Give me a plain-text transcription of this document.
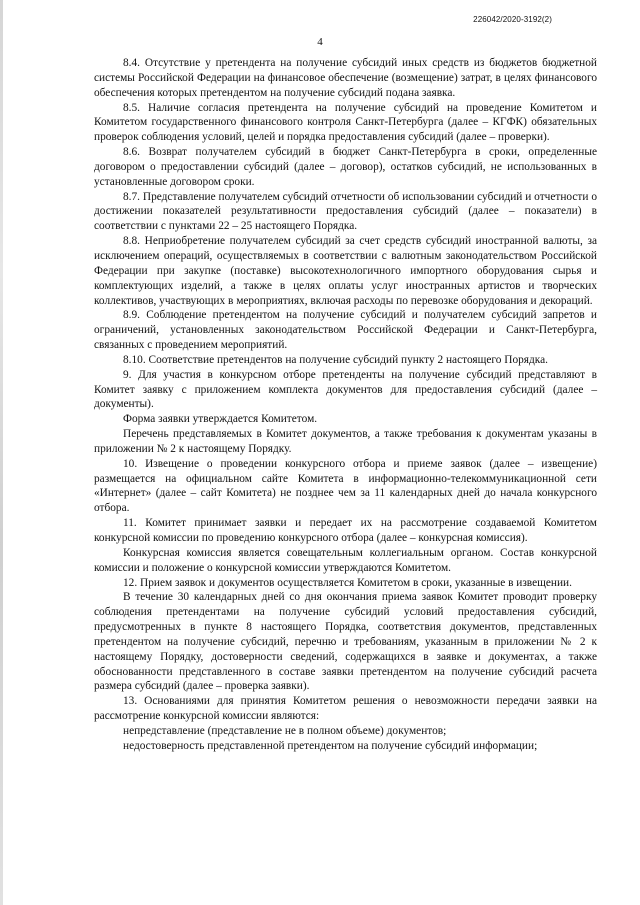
226042/2020-3192(2)
4

8.4. Отсутствие у претендента на получение субсидий иных средств из бюджетов бюджетной системы Российской Федерации на финансовое обеспечение (возмещение) затрат, в целях финансового обеспечения которых претендентом на получение субсидий подана заявка.

8.5. Наличие согласия претендента на получение субсидий на проведение Комитетом и Комитетом государственного финансового контроля Санкт-Петербурга (далее – КГФК) обязательных проверок соблюдения условий, целей и порядка предоставления субсидий (далее – проверки).

8.6. Возврат получателем субсидий в бюджет Санкт-Петербурга в сроки, определенные договором о предоставлении субсидий (далее – договор), остатков субсидий, не использованных в установленные договором сроки.

8.7. Представление получателем субсидий отчетности об использовании субсидий и отчетности о достижении показателей результативности предоставления субсидий (далее – показатели) в соответствии с пунктами 22 – 25 настоящего Порядка.

8.8. Неприобретение получателем субсидий за счет средств субсидий иностранной валюты, за исключением операций, осуществляемых в соответствии с валютным законодательством Российской Федерации при закупке (поставке) высокотехнологичного импортного оборудования сырья и комплектующих изделий, а также в целях оплаты услуг иностранных артистов и творческих коллективов, участвующих в мероприятиях, включая расходы по перевозке оборудования и декораций.

8.9. Соблюдение претендентом на получение субсидий и получателем субсидий запретов и ограничений, установленных законодательством Российской Федерации и Санкт-Петербурга, связанных с проведением мероприятий.

8.10. Соответствие претендентов на получение субсидий пункту 2 настоящего Порядка.

9. Для участия в конкурсном отборе претенденты на получение субсидий представляют в Комитет заявку с приложением комплекта документов для предоставления субсидий (далее – документы).

Форма заявки утверждается Комитетом.

Перечень представляемых в Комитет документов, а также требования к документам указаны в приложении № 2 к настоящему Порядку.

10. Извещение о проведении конкурсного отбора и приеме заявок (далее – извещение) размещается на официальном сайте Комитета в информационно-телекоммуникационной сети «Интернет» (далее – сайт Комитета) не позднее чем за 11 календарных дней до начала конкурсного отбора.

11. Комитет принимает заявки и передает их на рассмотрение создаваемой Комитетом конкурсной комиссии по проведению конкурсного отбора (далее – конкурсная комиссия).

Конкурсная комиссия является совещательным коллегиальным органом. Состав конкурсной комиссии и положение о конкурсной комиссии утверждаются Комитетом.

12. Прием заявок и документов осуществляется Комитетом в сроки, указанные в извещении.

В течение 30 календарных дней со дня окончания приема заявок Комитет проводит проверку соблюдения претендентами на получение субсидий условий предоставления субсидий, предусмотренных в пункте 8 настоящего Порядка, соответствия документов, представленных претендентом на получение субсидий, перечню и требованиям, указанным в приложении № 2 к настоящему Порядку, достоверности сведений, содержащихся в заявке и документах, а также обоснованности представленного в составе заявки претендентом на получение субсидий расчета размера субсидий (далее – проверка заявки).

13. Основаниями для принятия Комитетом решения о невозможности передачи заявки на рассмотрение конкурсной комиссии являются:

непредставление (представление не в полном объеме) документов;

недостоверность представленной претендентом на получение субсидий информации;
